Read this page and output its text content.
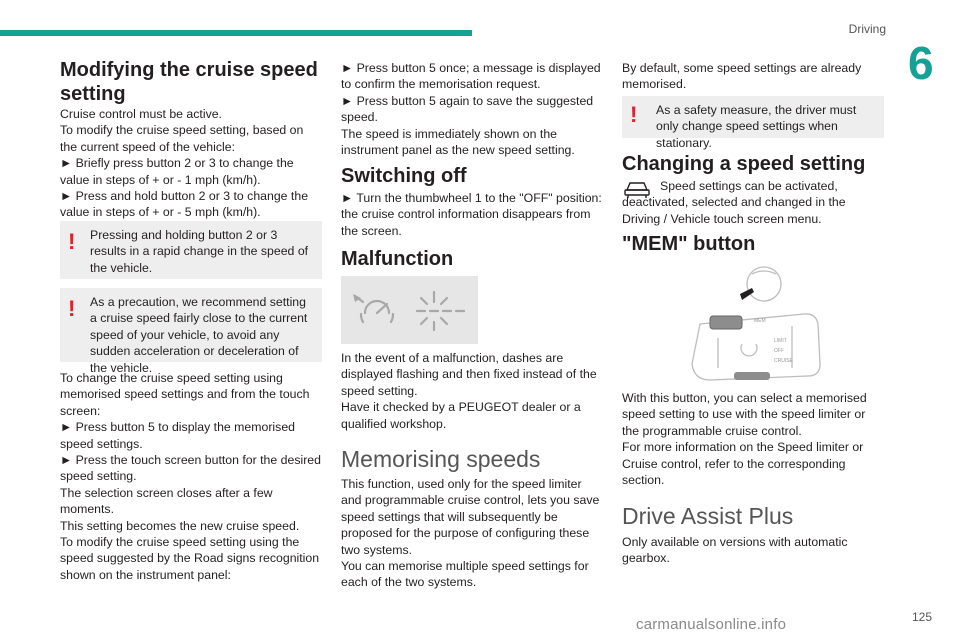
Driving
6
125
Modifying the cruise speed setting

Cruise control must be active.

To modify the cruise speed setting, based on the current speed of the vehicle:

► Briefly press button 2 or 3 to change the value in steps of + or - 1 mph (km/h).

► Press and hold button 2 or 3 to change the value in steps of + or - 5 mph (km/h).

!	Pressing and holding button 2 or 3 results in a rapid change in the speed of the vehicle.

!	As a precaution, we recommend setting a cruise speed fairly close to the current speed of your vehicle, to avoid any sudden acceleration or deceleration of the vehicle.

To change the cruise speed setting using memorised speed settings and from the touch screen:

► Press button 5 to display the memorised speed settings.

► Press the touch screen button for the desired speed setting.

The selection screen closes after a few moments.

This setting becomes the new cruise speed.

To modify the cruise speed setting using the speed suggested by the Road signs recognition shown on the instrument panel:

► Press button 5 once; a message is displayed to confirm the memorisation request.

► Press button 5 again to save the suggested speed.

The speed is immediately shown on the instrument panel as the new speed setting.

Switching off

► Turn the thumbwheel 1 to the "OFF" position: the cruise control information disappears from the screen.

Malfunction

In the event of a malfunction, dashes are displayed flashing and then fixed instead of the speed setting.

Have it checked by a PEUGEOT dealer or a qualified workshop.

Memorising speeds

This function, used only for the speed limiter and programmable cruise control, lets you save speed settings that will subsequently be proposed for the purpose of configuring these two systems.

You can memorise multiple speed settings for each of the two systems.

By default, some speed settings are already memorised.

!	As a safety measure, the driver must only change speed settings when stationary.

Changing a speed setting

Speed settings can be activated, deactivated, selected and changed in the Driving / Vehicle touch screen menu.

"MEM" button
MEM
LIMIT
OFF
CRUISE

With this button, you can select a memorised speed setting to use with the speed limiter or the programmable cruise control.

For more information on the Speed limiter or Cruise control, refer to the corresponding section.

Drive Assist Plus

Only available on versions with automatic gearbox.

carmanualsonline.info
